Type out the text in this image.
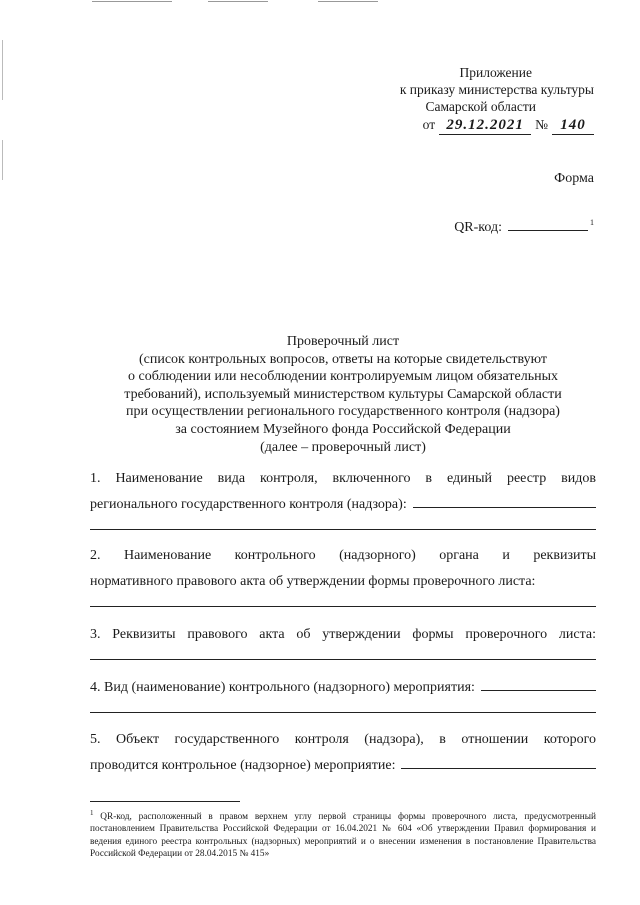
Приложение
к приказу министерства культуры
Самарской области
от 29.12.2021 № 140
Форма
QR-код:	$^1$
Проверочный лист
(список контрольных вопросов, ответы на которые свидетельствуют
о соблюдении или несоблюдении контролируемым лицом обязательных
требований), используемый министерством культуры Самарской области
при осуществлении регионального государственного контроля (надзора)
за состоянием Музейного фонда Российской Федерации
(далее – проверочный лист)
1. Наименование вида контроля, включенного в единый реестр видов
регионального государственного контроля (надзора):
2. Наименование контрольного (надзорного) органа и реквизиты
нормативного правового акта об утверждении формы проверочного листа:
3. Реквизиты правового акта об утверждении формы проверочного листа:
4. Вид (наименование) контрольного (надзорного) мероприятия:
5. Объект государственного контроля (надзора), в отношении которого
проводится контрольное (надзорное) мероприятие:
$^1$ QR-код, расположенный в правом верхнем углу первой страницы формы проверочного листа, предусмотренный постановлением Правительства Российской Федерации от 16.04.2021 № 604 «Об утверждении Правил формирования и ведения единого реестра контрольных (надзорных) мероприятий и о внесении изменения в постановление Правительства Российской Федерации от 28.04.2015 № 415»
